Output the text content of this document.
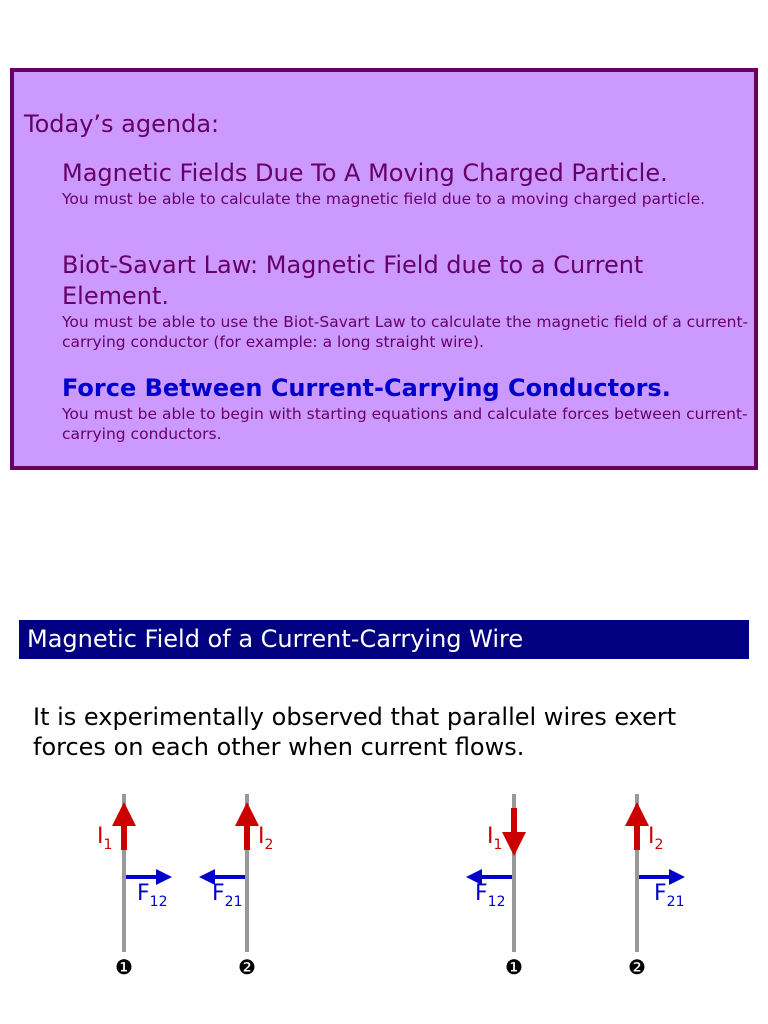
Today’s agenda:
Magnetic Fields Due To A Moving Charged Particle.
You must be able to calculate the magnetic field due to a moving charged particle.
Biot-Savart Law: Magnetic Field due to a Current Element.
You must be able to use the Biot-Savart Law to calculate the magnetic field of a current-carrying conductor (for example: a long straight wire).
Force Between Current-Carrying Conductors.
You must be able to begin with starting equations and calculate forces between current-carrying conductors.
Magnetic Field of a Current-Carrying Wire

It is experimentally observed that parallel wires exert forces on each other when current flows.

$I_1$	$I_2$
$F_{12}$ $F_{21}$
❶	❷
$I_1$	$I_2$
$F_{12}$	$F_{21}$
❶	❷
